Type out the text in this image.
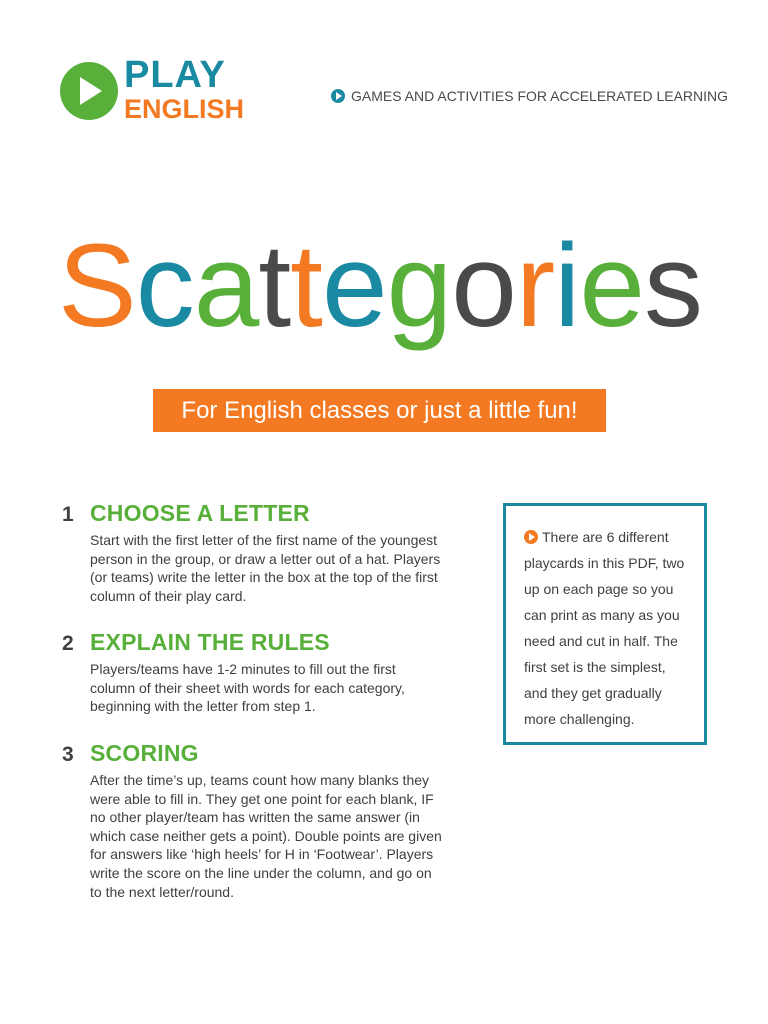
PLAY
ENGLISH	GAMES AND ACTIVITIES FOR ACCELERATED LEARNING
Scattegories
For English classes or just a little fun!
1 CHOOSE A LETTER
Start with the first letter of the first name of the youngest person in the group, or draw a letter out of a hat. Players (or teams) write the letter in the box at the top of the first column of their play card.
2 EXPLAIN THE RULES
Players/teams have 1-2 minutes to fill out the first column of their sheet with words for each category, beginning with the letter from step 1.
3 SCORING
After the time’s up, teams count how many blanks they were able to fill in. They get one point for each blank, IF no other player/team has written the same answer (in which case neither gets a point). Double points are given for answers like ‘high heels’ for H in ‘Footwear’. Players write the score on the line under the column, and go on to the next letter/round.
There are 6 different playcards in this PDF, two up on each page so you can print as many as you need and cut in half. The first set is the simplest, and they get gradually more challenging.
